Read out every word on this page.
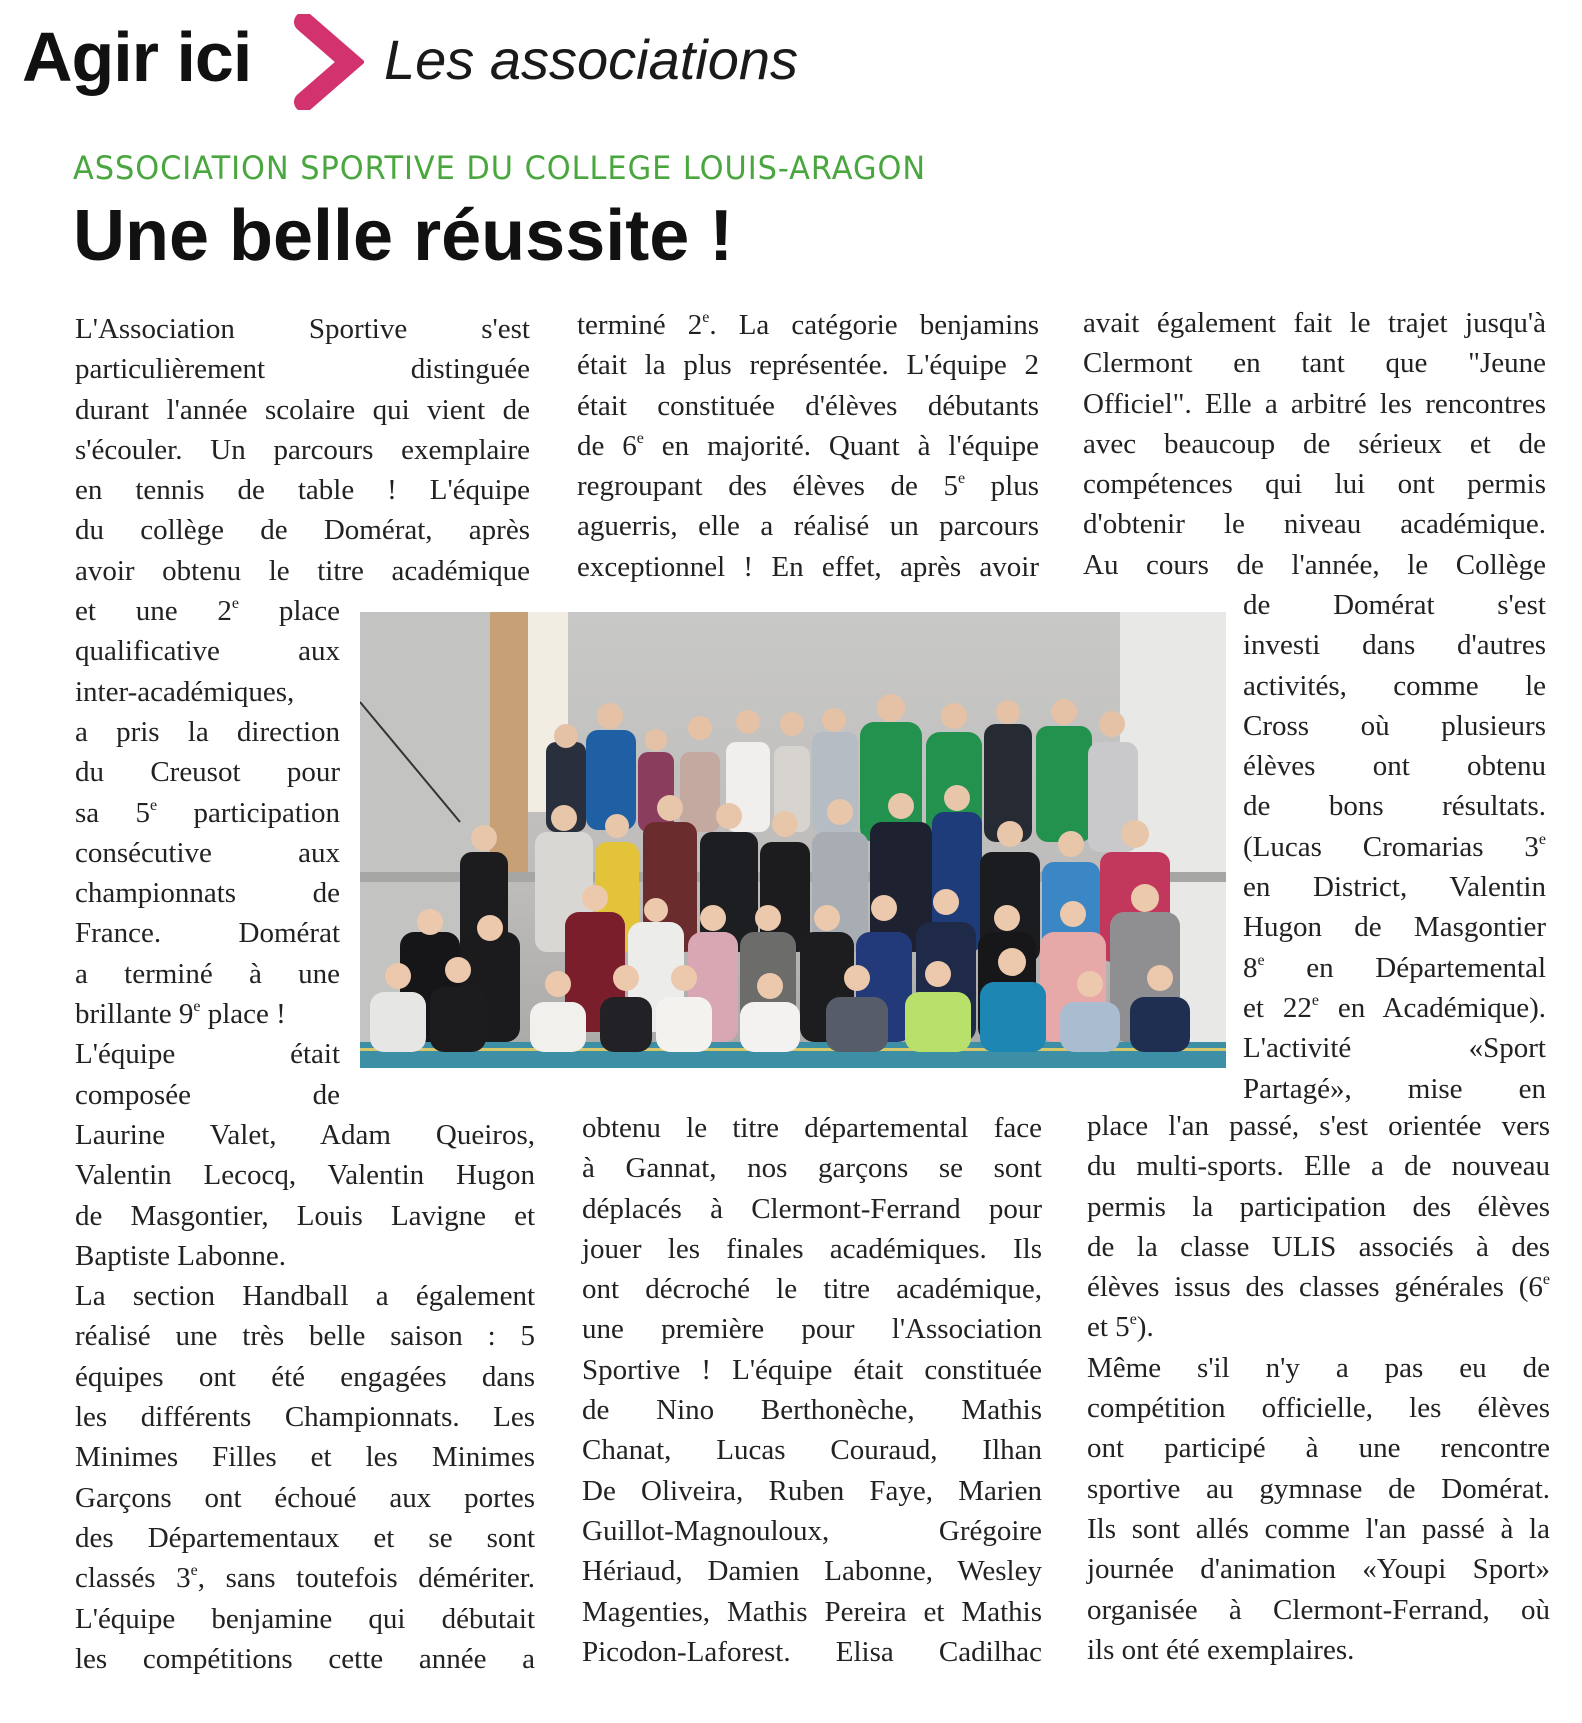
Agir ici Les associations
ASSOCIATION SPORTIVE DU COLLEGE LOUIS-ARAGON
Une belle réussite !
L'Association Sportive s'est
particulièrement distinguée
durant l'année scolaire qui vient de
s'écouler. Un parcours exemplaire
en tennis de table ! L'équipe
du collège de Domérat, après
avoir obtenu le titre académique
et une 2e place
qualificative aux
inter-académiques,
a pris la direction
du Creusot pour
sa 5e participation
consécutive aux
championnats de
France. Domérat
a terminé à une
brillante 9e place !
L'équipe était
composée de
Laurine Valet, Adam Queiros,
Valentin Lecocq, Valentin Hugon
de Masgontier, Louis Lavigne et
Baptiste Labonne.
La section Handball a également
réalisé une très belle saison : 5
équipes ont été engagées dans
les différents Championnats. Les
Minimes Filles et les Minimes
Garçons ont échoué aux portes
des Départementaux et se sont
classés 3e, sans toutefois démériter.
L'équipe benjamine qui débutait
les compétitions cette année a
terminé 2e. La catégorie benjamins
était la plus représentée. L'équipe 2
était constituée d'élèves débutants
de 6e en majorité. Quant à l'équipe
regroupant des élèves de 5e plus
aguerris, elle a réalisé un parcours
exceptionnel ! En effet, après avoir
obtenu le titre départemental face
à Gannat, nos garçons se sont
déplacés à Clermont-Ferrand pour
jouer les finales académiques. Ils
ont décroché le titre académique,
une première pour l'Association
Sportive ! L'équipe était constituée
de Nino Berthonèche, Mathis
Chanat, Lucas Couraud, Ilhan
De Oliveira, Ruben Faye, Marien
Guillot-Magnouloux, Grégoire
Hériaud, Damien Labonne, Wesley
Magenties, Mathis Pereira et Mathis
Picodon-Laforest. Elisa Cadilhac
avait également fait le trajet jusqu'à
Clermont en tant que "Jeune
Officiel". Elle a arbitré les rencontres
avec beaucoup de sérieux et de
compétences qui lui ont permis
d'obtenir le niveau académique.
Au cours de l'année, le Collège
de Domérat s'est
investi dans d'autres
activités, comme le
Cross où plusieurs
élèves ont obtenu
de bons résultats.
(Lucas Cromarias 3e
en District, Valentin
Hugon de Masgontier
8e en Départemental
et 22e en Académique).
L'activité «Sport
Partagé», mise en
place l'an passé, s'est orientée vers
du multi-sports. Elle a de nouveau
permis la participation des élèves
de la classe ULIS associés à des
élèves issus des classes générales (6e
et 5e).
Même s'il n'y a pas eu de
compétition officielle, les élèves
ont participé à une rencontre
sportive au gymnase de Domérat.
Ils sont allés comme l'an passé à la
journée d'animation «Youpi Sport»
organisée à Clermont-Ferrand, où
ils ont été exemplaires.
